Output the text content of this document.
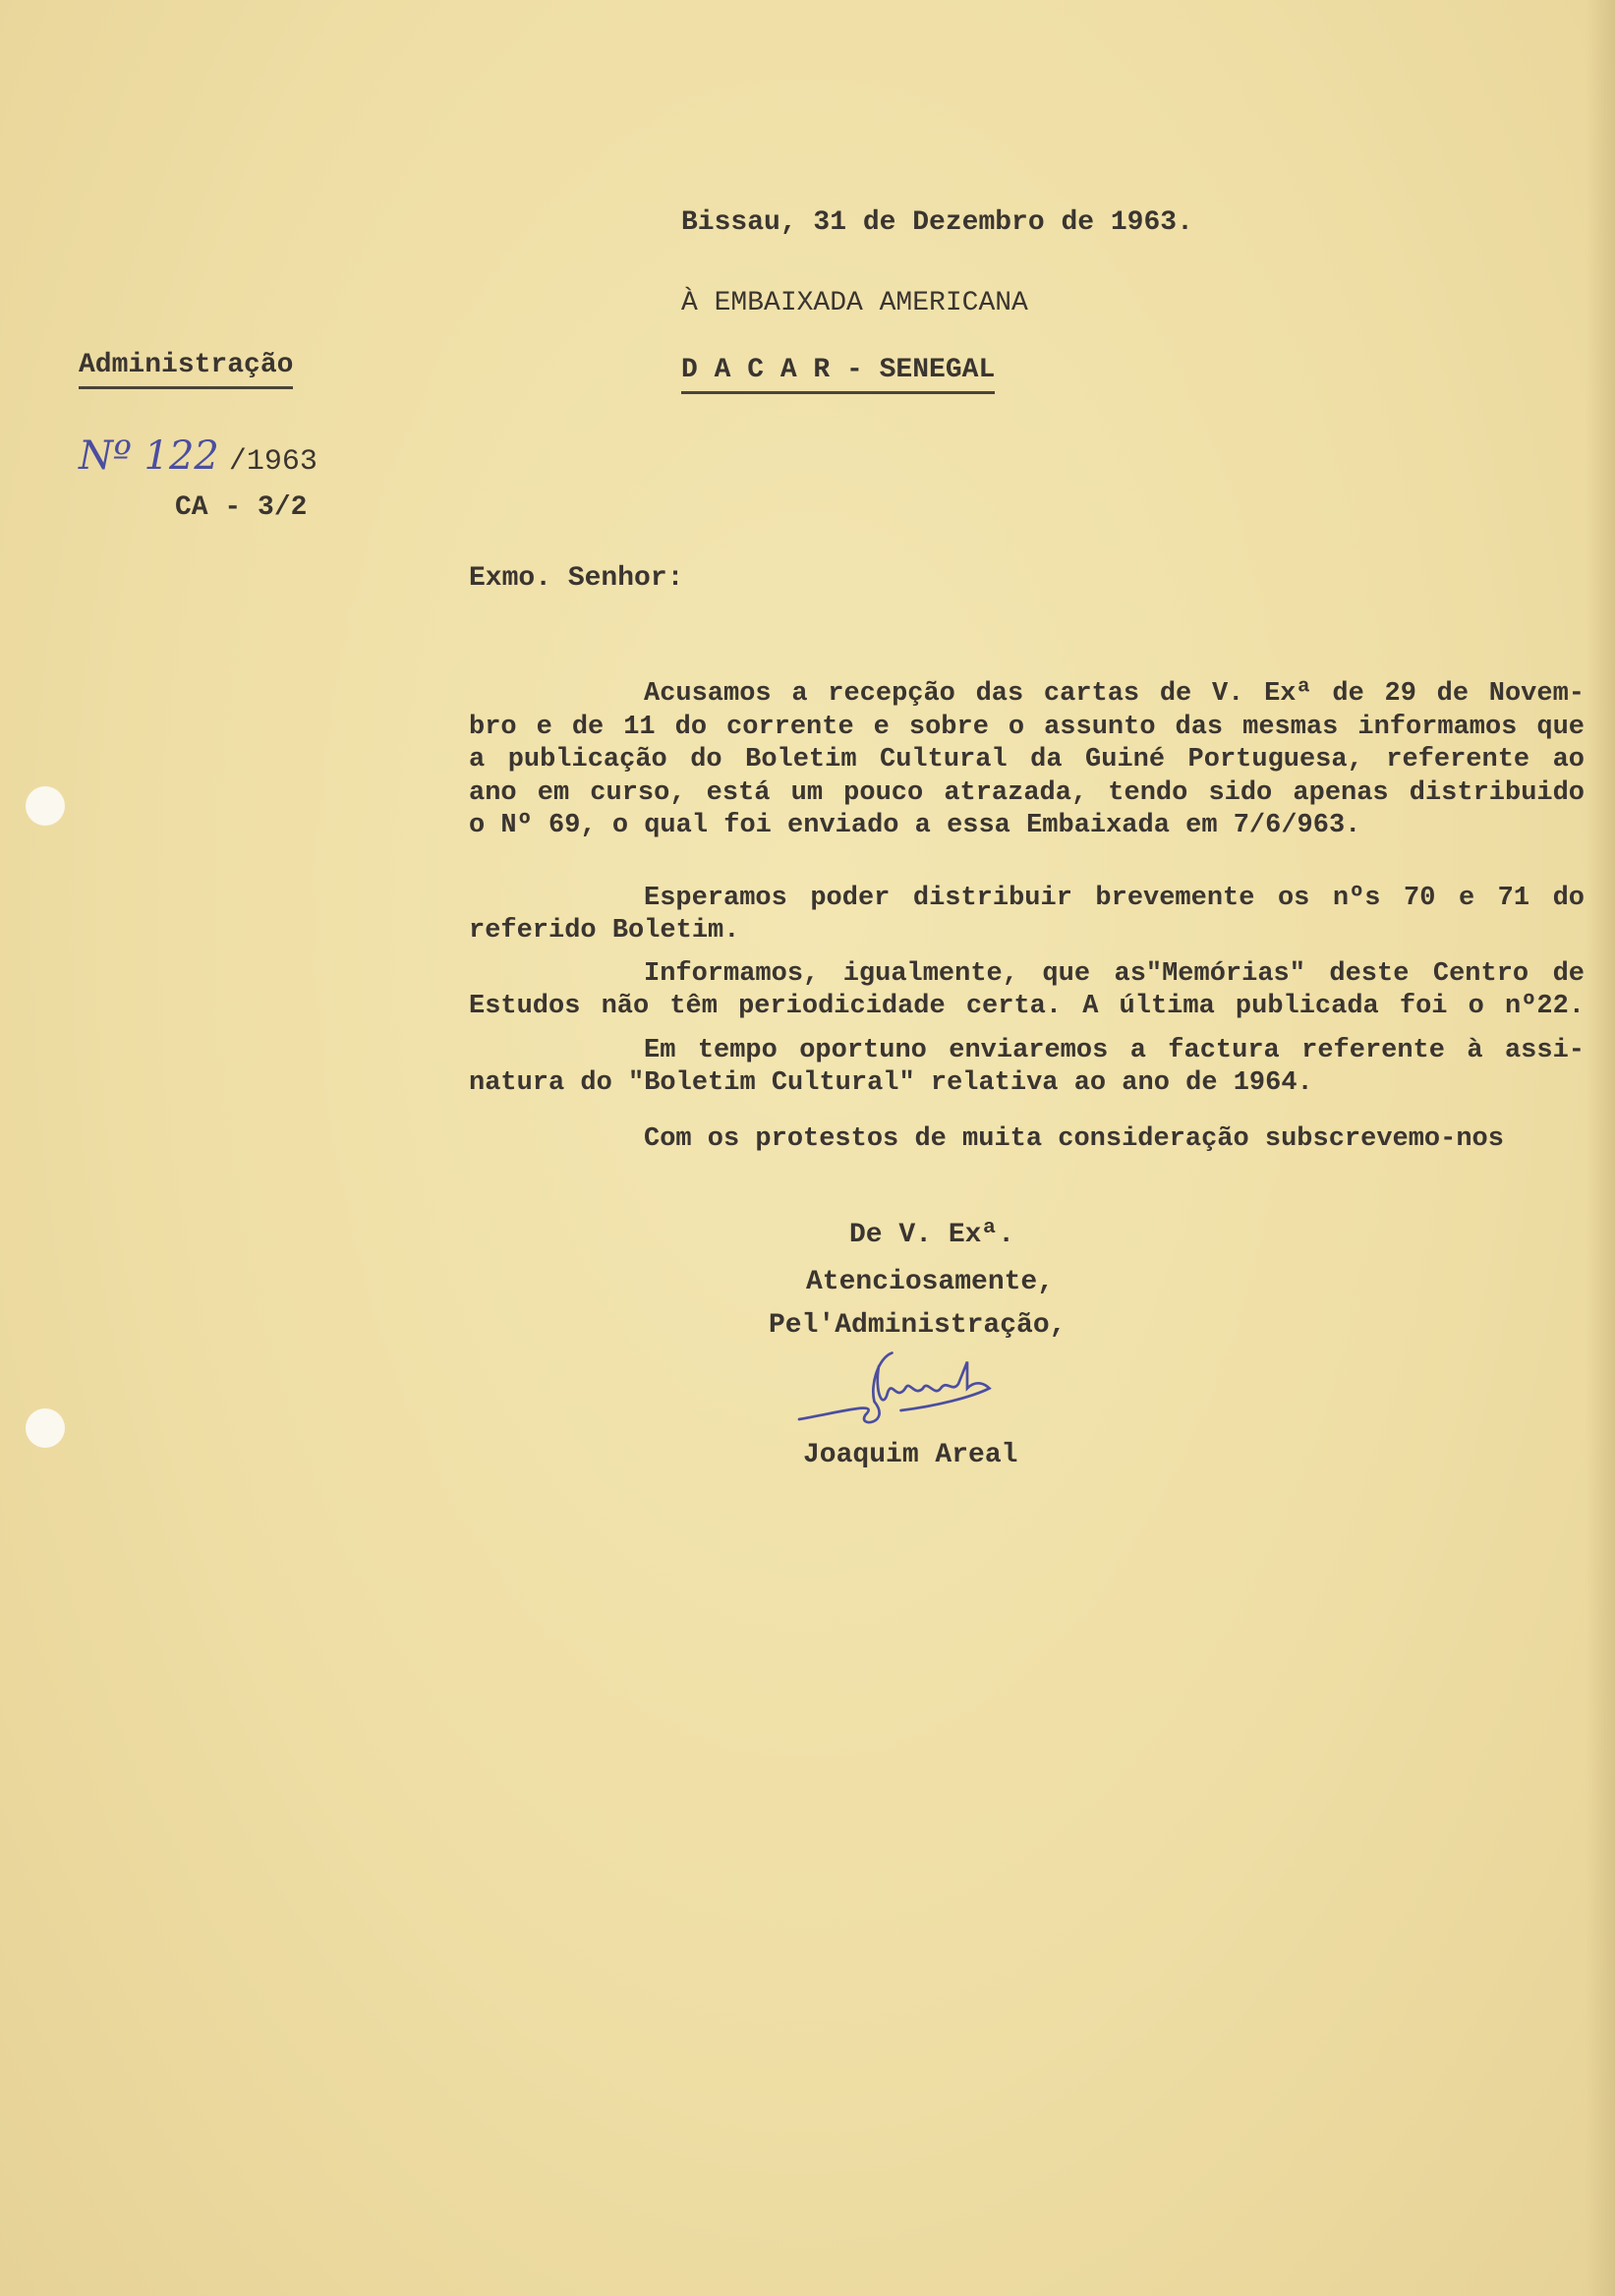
Bissau, 31 de Dezembro de 1963.
À EMBAIXADA AMERICANA
D A C A R - SENEGAL
Administração
Nº 122 /1963
CA - 3/2
Exmo. Senhor:
Acusamos a recepção das cartas de V. Exª de 29 de Novem-
bro e de 11 do corrente e sobre o assunto das mesmas informamos que
a publicação do Boletim Cultural da Guiné Portuguesa, referente ao
ano em curso, está um pouco atrazada, tendo sido apenas distribuido
o Nº 69, o qual foi enviado a essa Embaixada em 7/6/963.
Esperamos poder distribuir brevemente os nºs 70 e 71 do
referido Boletim.
Informamos, igualmente, que as"Memórias" deste Centro de
Estudos não têm periodicidade certa. A última publicada foi o nº22.
Em tempo oportuno enviaremos a factura referente à assi-
natura do "Boletim Cultural" relativa ao ano de 1964.
Com os protestos de muita consideração subscrevemo-nos
De V. Exª.
Atenciosamente,
Pel'Administração,
Joaquim Areal
